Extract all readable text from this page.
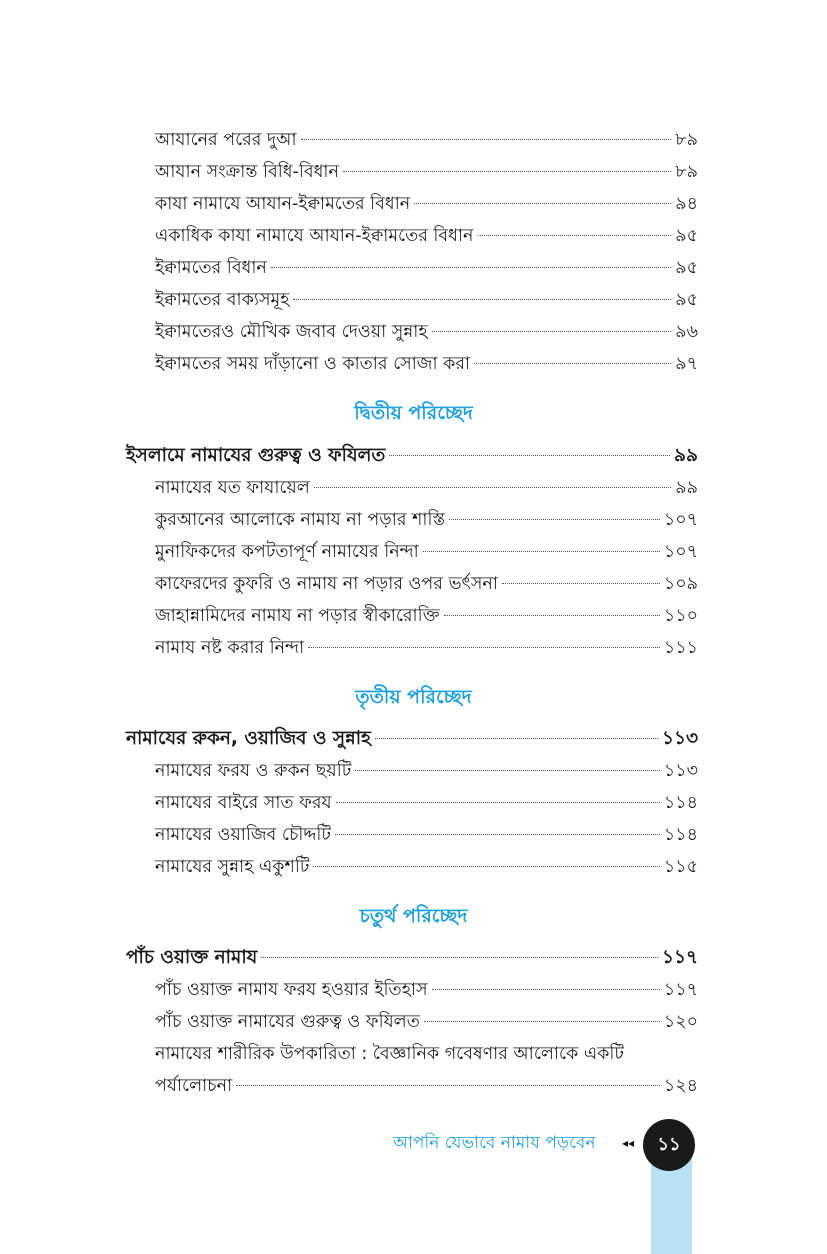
আযানের পরের দুআ	৮৯
আযান সংক্রান্ত বিধি-বিধান	৮৯
কাযা নামাযে আযান-ইক্বামতের বিধান	৯৪
একাধিক কাযা নামাযে আযান-ইক্বামতের বিধান	৯৫
ইক্বামতের বিধান	৯৫
ইক্বামতের বাক্যসমূহ	৯৫
ইক্বামতেরও মৌখিক জবাব দেওয়া সুন্নাহ	৯৬
ইক্বামতের সময় দাঁড়ানো ও কাতার সোজা করা	৯৭
দ্বিতীয় পরিচ্ছেদ
ইসলামে নামাযের গুরুত্ব ও ফযিলত	৯৯
নামাযের যত ফাযায়েল	৯৯
কুরআনের আলোকে নামায না পড়ার শাস্তি	১০৭
মুনাফিকদের কপটতাপূর্ণ নামাযের নিন্দা	১০৭
কাফেরদের কুফরি ও নামায না পড়ার ওপর ভর্ৎসনা	১০৯
জাহান্নামিদের নামায না পড়ার স্বীকারোক্তি	১১০
নামায নষ্ট করার নিন্দা	১১১
তৃতীয় পরিচ্ছেদ
নামাযের রুকন, ওয়াজিব ও সুন্নাহ	১১৩
নামাযের ফরয ও রুকন ছয়টি	১১৩
নামাযের বাইরে সাত ফরয	১১৪
নামাযের ওয়াজিব চৌদ্দটি	১১৪
নামাযের সুন্নাহ একুশটি	১১৫
চতুর্থ পরিচ্ছেদ
পাঁচ ওয়াক্ত নামায	১১৭
পাঁচ ওয়াক্ত নামায ফরয হওয়ার ইতিহাস	১১৭
পাঁচ ওয়াক্ত নামাযের গুরুত্ব ও ফযিলত	১২০
নামাযের শারীরিক উপকারিতা : বৈজ্ঞানিক গবেষণার আলোকে একটি
পর্যালোচনা	১২৪
আপনি যেভাবে নামায পড়বেন ◂◂ ১১
